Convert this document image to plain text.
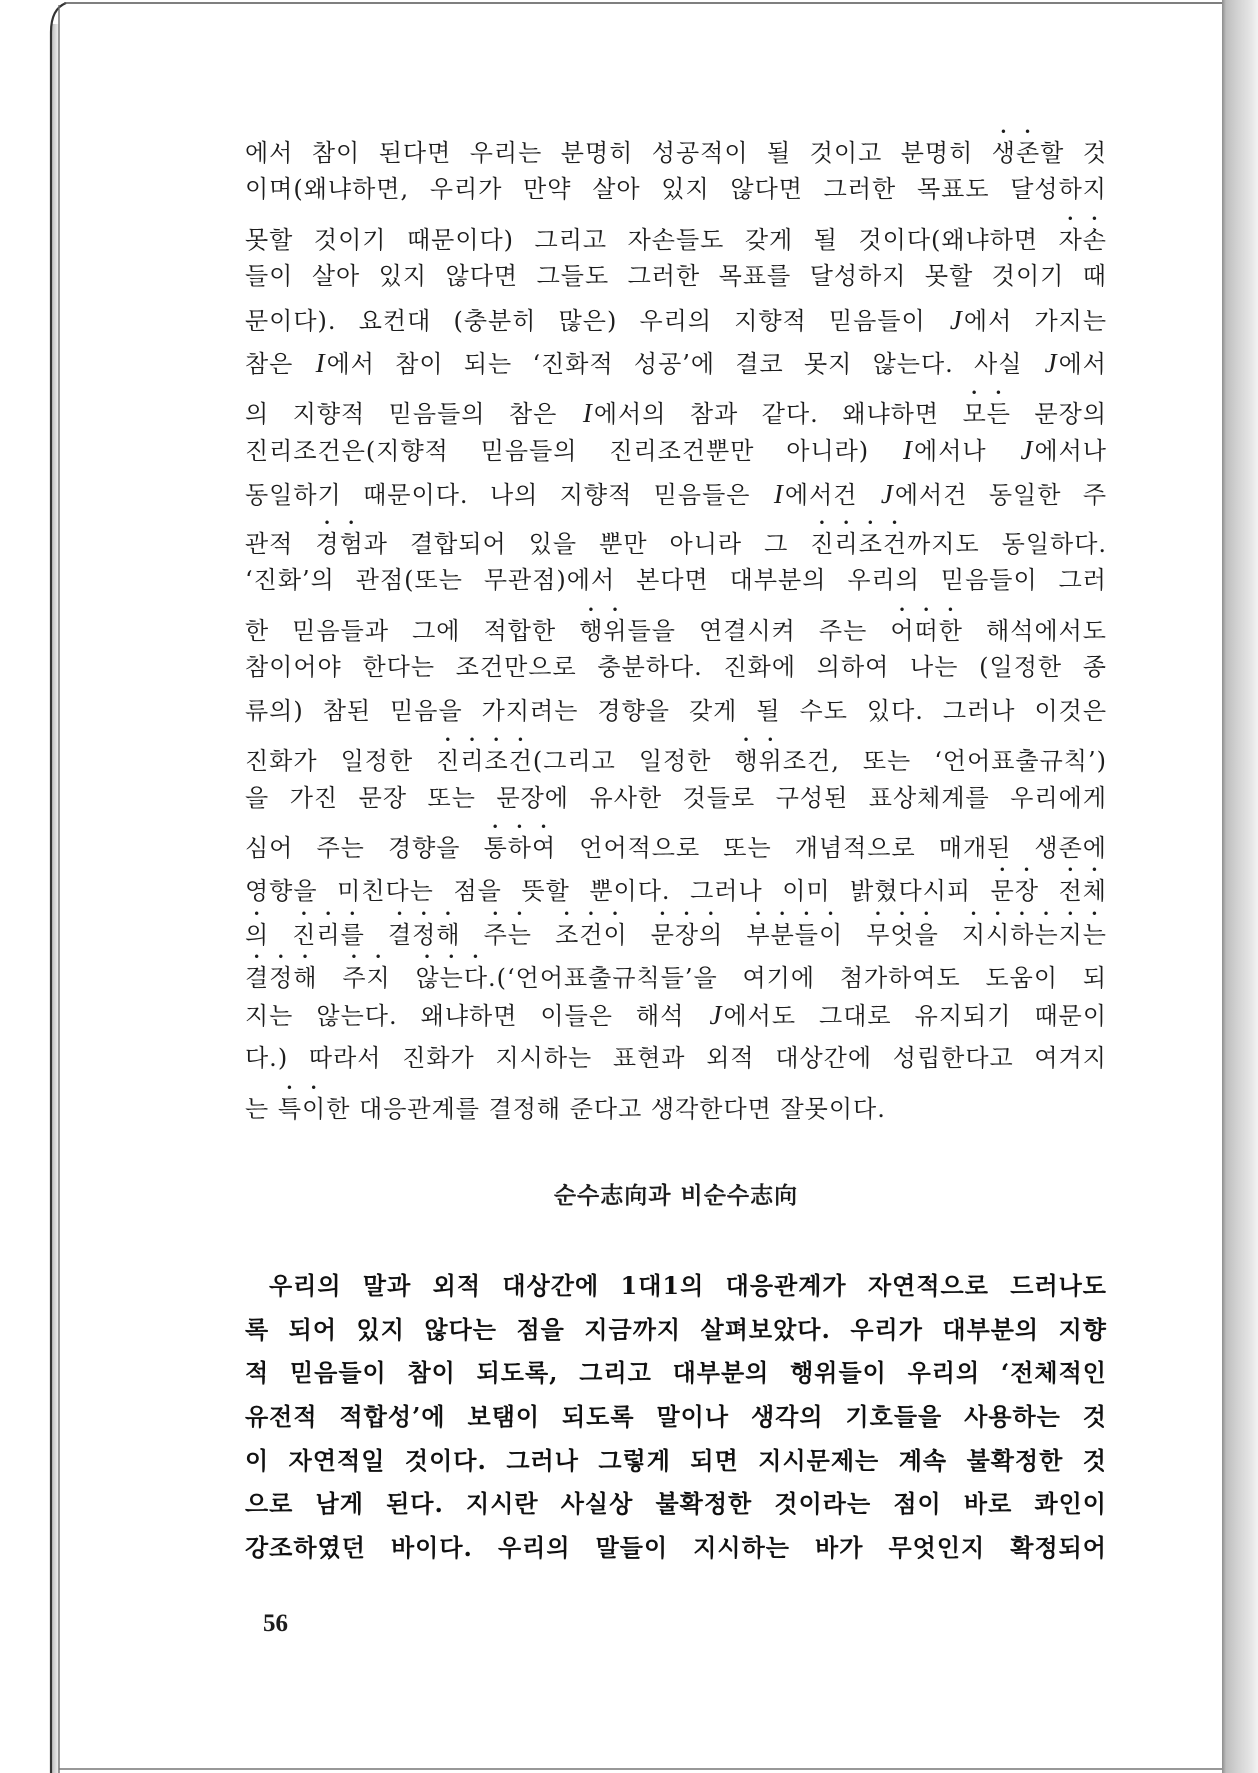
에서 참이 된다면 우리는 분명히 성공적이 될 것이고 분명히 생존할 것
이며(왜냐하면, 우리가 만약 살아 있지 않다면 그러한 목표도 달성하지
못할 것이기 때문이다) 그리고 자손들도 갖게 될 것이다(왜냐하면 자손
들이 살아 있지 않다면 그들도 그러한 목표를 달성하지 못할 것이기 때
문이다). 요컨대 (충분히 많은) 우리의 지향적 믿음들이 J에서 가지는
참은 I에서 참이 되는 ‘진화적 성공’에 결코 못지 않는다. 사실 J에서
의 지향적 믿음들의 참은 I에서의 참과 같다. 왜냐하면 모든 문장의
진리조건은(지향적 믿음들의 진리조건뿐만 아니라) I에서나 J에서나
동일하기 때문이다. 나의 지향적 믿음들은 I에서건 J에서건 동일한 주
관적 경험과 결합되어 있을 뿐만 아니라 그 진리조건까지도 동일하다.
‘진화’의 관점(또는 무관점)에서 본다면 대부분의 우리의 믿음들이 그러
한 믿음들과 그에 적합한 행위들을 연결시켜 주는 어떠한 해석에서도
참이어야 한다는 조건만으로 충분하다. 진화에 의하여 나는 (일정한 종
류의) 참된 믿음을 가지려는 경향을 갖게 될 수도 있다. 그러나 이것은
진화가 일정한 진리조건(그리고 일정한 행위조건, 또는 ‘언어표출규칙’)
을 가진 문장 또는 문장에 유사한 것들로 구성된 표상체계를 우리에게
심어 주는 경향을 통하여 언어적으로 또는 개념적으로 매개된 생존에
영향을 미친다는 점을 뜻할 뿐이다. 그러나 이미 밝혔다시피 문장 전체
의 진리를 결정해 주는 조건이 문장의 부분들이 무엇을 지시하는지는
결정해 주지 않는다.(‘언어표출규칙들’을 여기에 첨가하여도 도움이 되
지는 않는다. 왜냐하면 이들은 해석 J에서도 그대로 유지되기 때문이
다.) 따라서 진화가 지시하는 표현과 외적 대상간에 성립한다고 여겨지
는 특이한 대응관계를 결정해 준다고 생각한다면 잘못이다.
순수志向과 비순수志向
우리의 말과 외적 대상간에 1대1의 대응관계가 자연적으로 드러나도
록 되어 있지 않다는 점을 지금까지 살펴보았다. 우리가 대부분의 지향
적 믿음들이 참이 되도록, 그리고 대부분의 행위들이 우리의 ‘전체적인
유전적 적합성’에 보탬이 되도록 말이나 생각의 기호들을 사용하는 것
이 자연적일 것이다. 그러나 그렇게 되면 지시문제는 계속 불확정한 것
으로 남게 된다. 지시란 사실상 불확정한 것이라는 점이 바로 콰인이
강조하였던 바이다. 우리의 말들이 지시하는 바가 무엇인지 확정되어
56
